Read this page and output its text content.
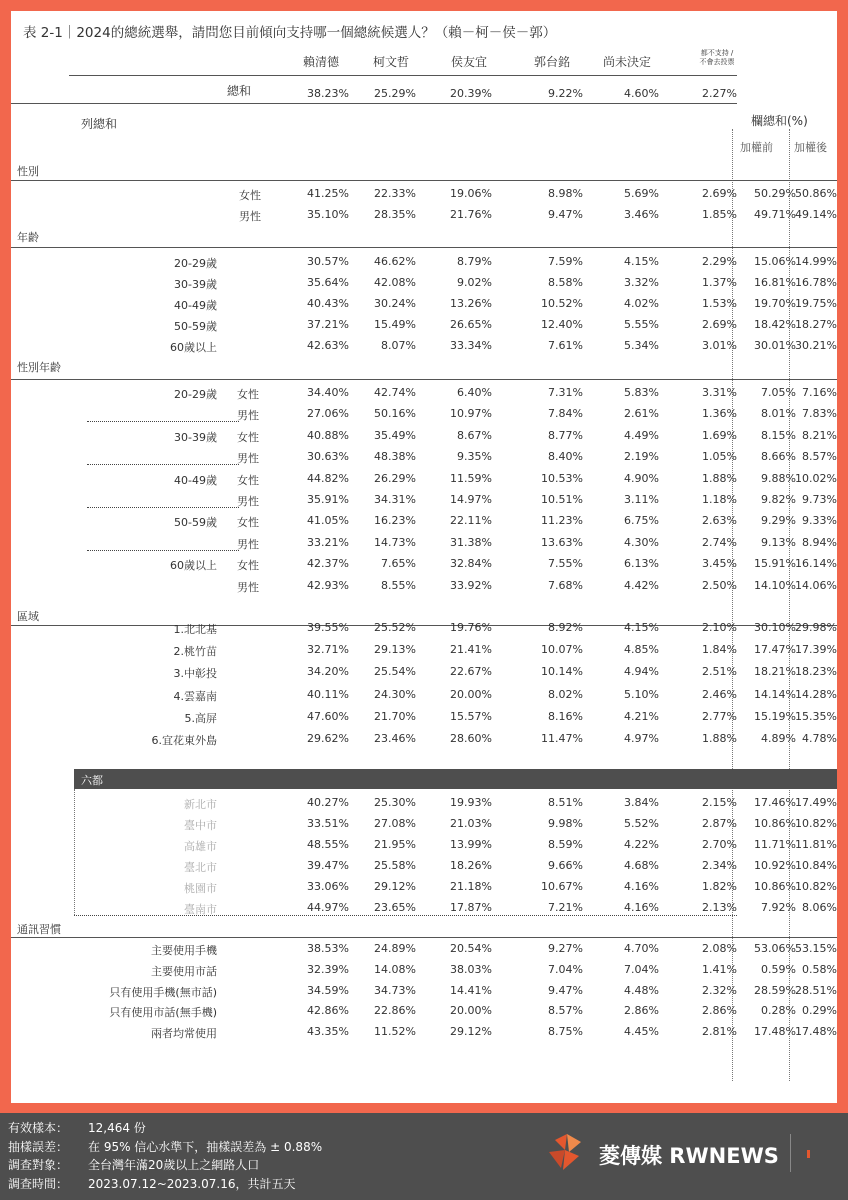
表 2-1｜2024的總統選舉，請問您目前傾向支持哪一個總統候選人？（賴－柯－侯－郭）
賴清德	柯文哲	侯友宜	郭台銘	尚未決定
都不支持 /
不會去投票
總和	38.23%	25.29%	20.39%	9.22%	4.60%	2.27%
列總和	欄總和(%)
加權前 加權後
性別
女性	41.25%	22.33%	19.06%	8.98%	5.69%	2.69%	50.29% 50.86%
男性	35.10%	28.35%	21.76%	9.47%	3.46%	1.85%	49.71% 49.14%
年齡
20-29歲	30.57%	46.62%	8.79%	7.59%	4.15%	2.29%	15.06% 14.99%
30-39歲	35.64%	42.08%	9.02%	8.58%	3.32%	1.37%	16.81% 16.78%
40-49歲	40.43%	30.24%	13.26%	10.52%	4.02%	1.53%	19.70% 19.75%
50-59歲	37.21%	15.49%	26.65%	12.40%	5.55%	2.69%	18.42% 18.27%
60歲以上	42.63%	8.07%	33.34%	7.61%	5.34%	3.01%	30.01% 30.21%
性別年齡
20-29歲 女性	34.40%	42.74%	6.40%	7.31%	5.83%	3.31%	7.05% 7.16%
男性	27.06%	50.16%	10.97%	7.84%	2.61%	1.36%	8.01% 7.83%
30-39歲 女性	40.88%	35.49%	8.67%	8.77%	4.49%	1.69%	8.15% 8.21%
男性	30.63%	48.38%	9.35%	8.40%	2.19%	1.05%	8.66% 8.57%
40-49歲 女性	44.82%	26.29%	11.59%	10.53%	4.90%	1.88%	9.88% 10.02%
男性	35.91%	34.31%	14.97%	10.51%	3.11%	1.18%	9.82% 9.73%
50-59歲 女性	41.05%	16.23%	22.11%	11.23%	6.75%	2.63%	9.29% 9.33%
男性	33.21%	14.73%	31.38%	13.63%	4.30%	2.74%	9.13% 8.94%
60歲以上 女性	42.37%	7.65%	32.84%	7.55%	6.13%	3.45%	15.91% 16.14%
男性	42.93%	8.55%	33.92%	7.68%	4.42%	2.50%	14.10% 14.06%
區域
1.北北基	39.55%	25.52%	19.76%	8.92%	4.15%	2.10%	30.10% 29.98%
2.桃竹苗	32.71%	29.13%	21.41%	10.07%	4.85%	1.84%	17.47% 17.39%
3.中彰投	34.20%	25.54%	22.67%	10.14%	4.94%	2.51%	18.21% 18.23%
4.雲嘉南	40.11%	24.30%	20.00%	8.02%	5.10%	2.46%	14.14% 14.28%
5.高屏	47.60%	21.70%	15.57%	8.16%	4.21%	2.77%	15.19% 15.35%
6.宜花東外島	29.62%	23.46%	28.60%	11.47%	4.97%	1.88%	4.89% 4.78%
六都
新北市	40.27%	25.30%	19.93%	8.51%	3.84%	2.15%	17.46% 17.49%
臺中市	33.51%	27.08%	21.03%	9.98%	5.52%	2.87%	10.86% 10.82%
高雄市	48.55%	21.95%	13.99%	8.59%	4.22%	2.70%	11.71% 11.81%
臺北市	39.47%	25.58%	18.26%	9.66%	4.68%	2.34%	10.92% 10.84%
桃園市	33.06%	29.12%	21.18%	10.67%	4.16%	1.82%	10.86% 10.82%
臺南市	44.97%	23.65%	17.87%	7.21%	4.16%	2.13%	7.92% 8.06%
通訊習慣
主要使用手機	38.53%	24.89%	20.54%	9.27%	4.70%	2.08%	53.06% 53.15%
主要使用市話	32.39%	14.08%	38.03%	7.04%	7.04%	1.41%	0.59% 0.58%
只有使用手機(無市話)	34.59%	34.73%	14.41%	9.47%	4.48%	2.32%	28.59% 28.51%
只有使用市話(無手機)	42.86%	22.86%	20.00%	8.57%	2.86%	2.86%	0.28% 0.29%
兩者均常使用	43.35%	11.52%	29.12%	8.75%	4.45%	2.81%	17.48% 17.48%
有效樣本： 12,464 份
抽樣誤差： 在 95% 信心水準下，抽樣誤差為 ± 0.88%
調查對象： 全台灣年滿20歲以上之網路人口
調查時間： 2023.07.12~2023.07.16，共計五天
菱傳媒 RWNEWS
